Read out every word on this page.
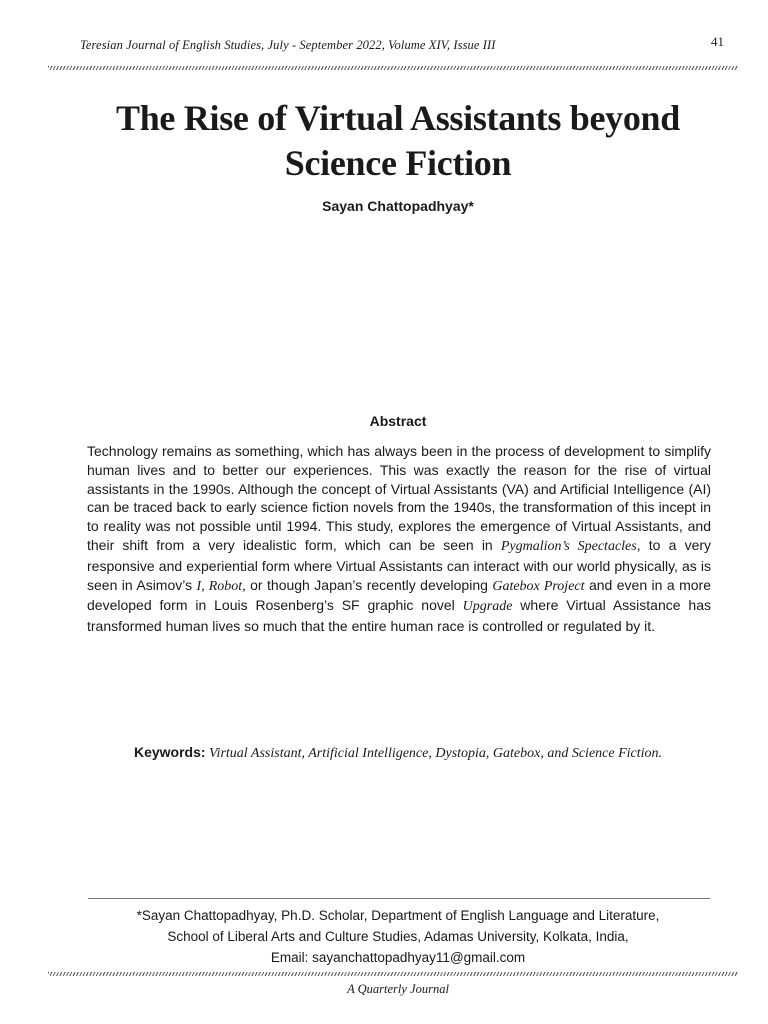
Teresian Journal of English Studies, July - September 2022, Volume XIV, Issue III	41
The Rise of Virtual Assistants beyond Science Fiction
Sayan Chattopadhyay*
Abstract
Technology remains as something, which has always been in the process of development to simplify human lives and to better our experiences. This was exactly the reason for the rise of virtual assistants in the 1990s. Although the concept of Virtual Assistants (VA) and Artificial Intelligence (AI) can be traced back to early science fiction novels from the 1940s, the transformation of this incept in to reality was not possible until 1994. This study, explores the emergence of Virtual Assistants, and their shift from a very idealistic form, which can be seen in Pygmalion’s Spectacles, to a very responsive and experiential form where Virtual Assistants can interact with our world physically, as is seen in Asimov’s I, Robot, or though Japan’s recently developing Gatebox Project and even in a more developed form in Louis Rosenberg’s SF graphic novel Upgrade where Virtual Assistance has transformed human lives so much that the entire human race is controlled or regulated by it.
Keywords: Virtual Assistant, Artificial Intelligence, Dystopia, Gatebox, and Science Fiction.
*Sayan Chattopadhyay, Ph.D. Scholar, Department of English Language and Literature,
School of Liberal Arts and Culture Studies, Adamas University, Kolkata, India,
Email: sayanchattopadhyay11@gmail.com
A Quarterly Journal
